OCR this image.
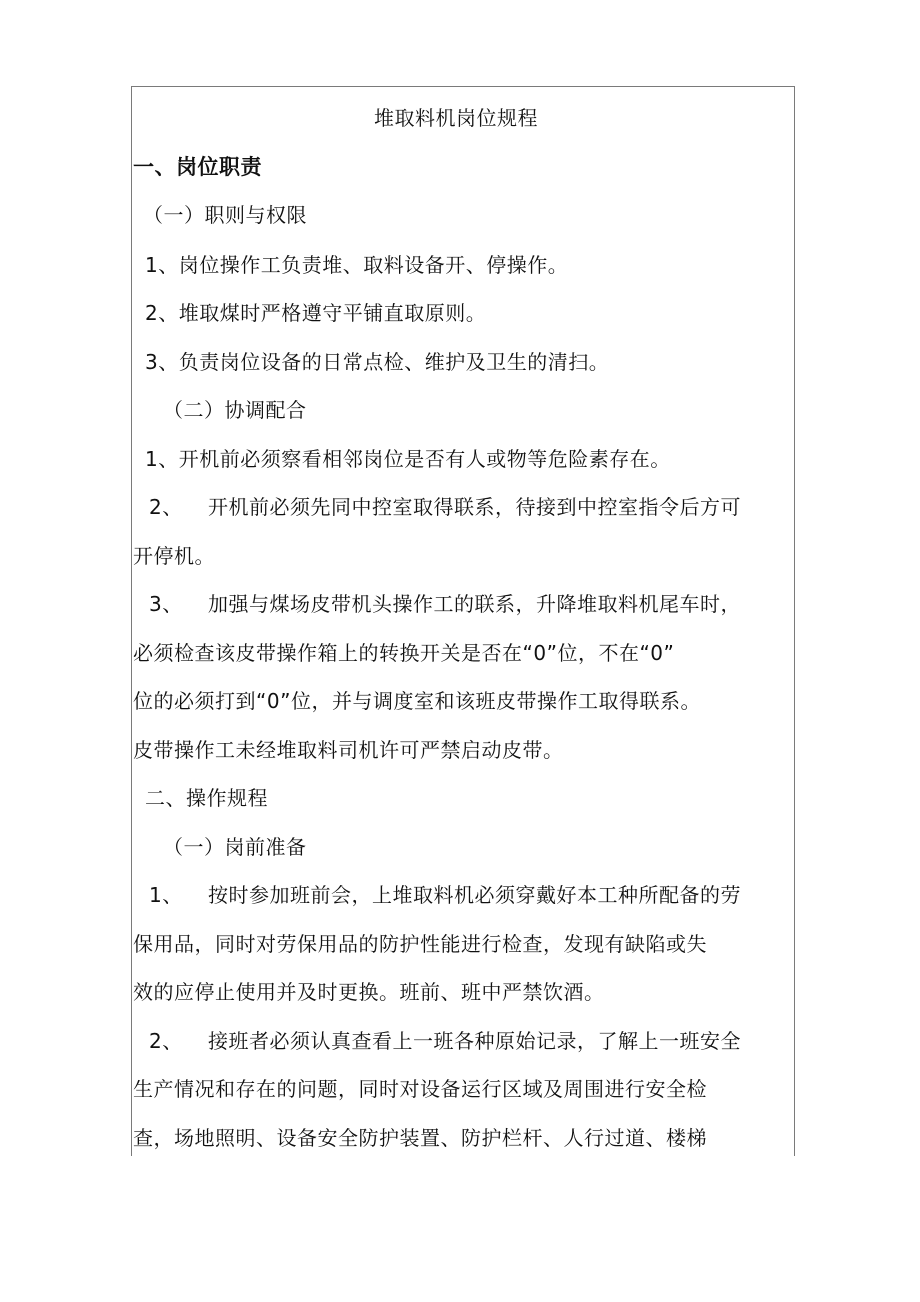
堆取料机岗位规程
一、岗位职责
（一）职则与权限
1、岗位操作工负责堆、取料设备开、停操作。
2、堆取煤时严格遵守平铺直取原则。
3、负责岗位设备的日常点检、维护及卫生的清扫。
（二）协调配合
1、开机前必须察看相邻岗位是否有人或物等危险素存在。
2、 开机前必须先同中控室取得联系，待接到中控室指令后方可
开停机。
3、 加强与煤场皮带机头操作工的联系，升降堆取料机尾车时，
必须检查该皮带操作箱上的转换开关是否在“0”位，不在“0”
位的必须打到“0”位，并与调度室和该班皮带操作工取得联系。
皮带操作工未经堆取料司机许可严禁启动皮带。
二、操作规程
（一）岗前准备
1、 按时参加班前会，上堆取料机必须穿戴好本工种所配备的劳
保用品，同时对劳保用品的防护性能进行检查，发现有缺陷或失
效的应停止使用并及时更换。班前、班中严禁饮酒。
2、 接班者必须认真查看上一班各种原始记录，了解上一班安全
生产情况和存在的问题，同时对设备运行区域及周围进行安全检
查，场地照明、设备安全防护装置、防护栏杆、人行过道、楼梯
